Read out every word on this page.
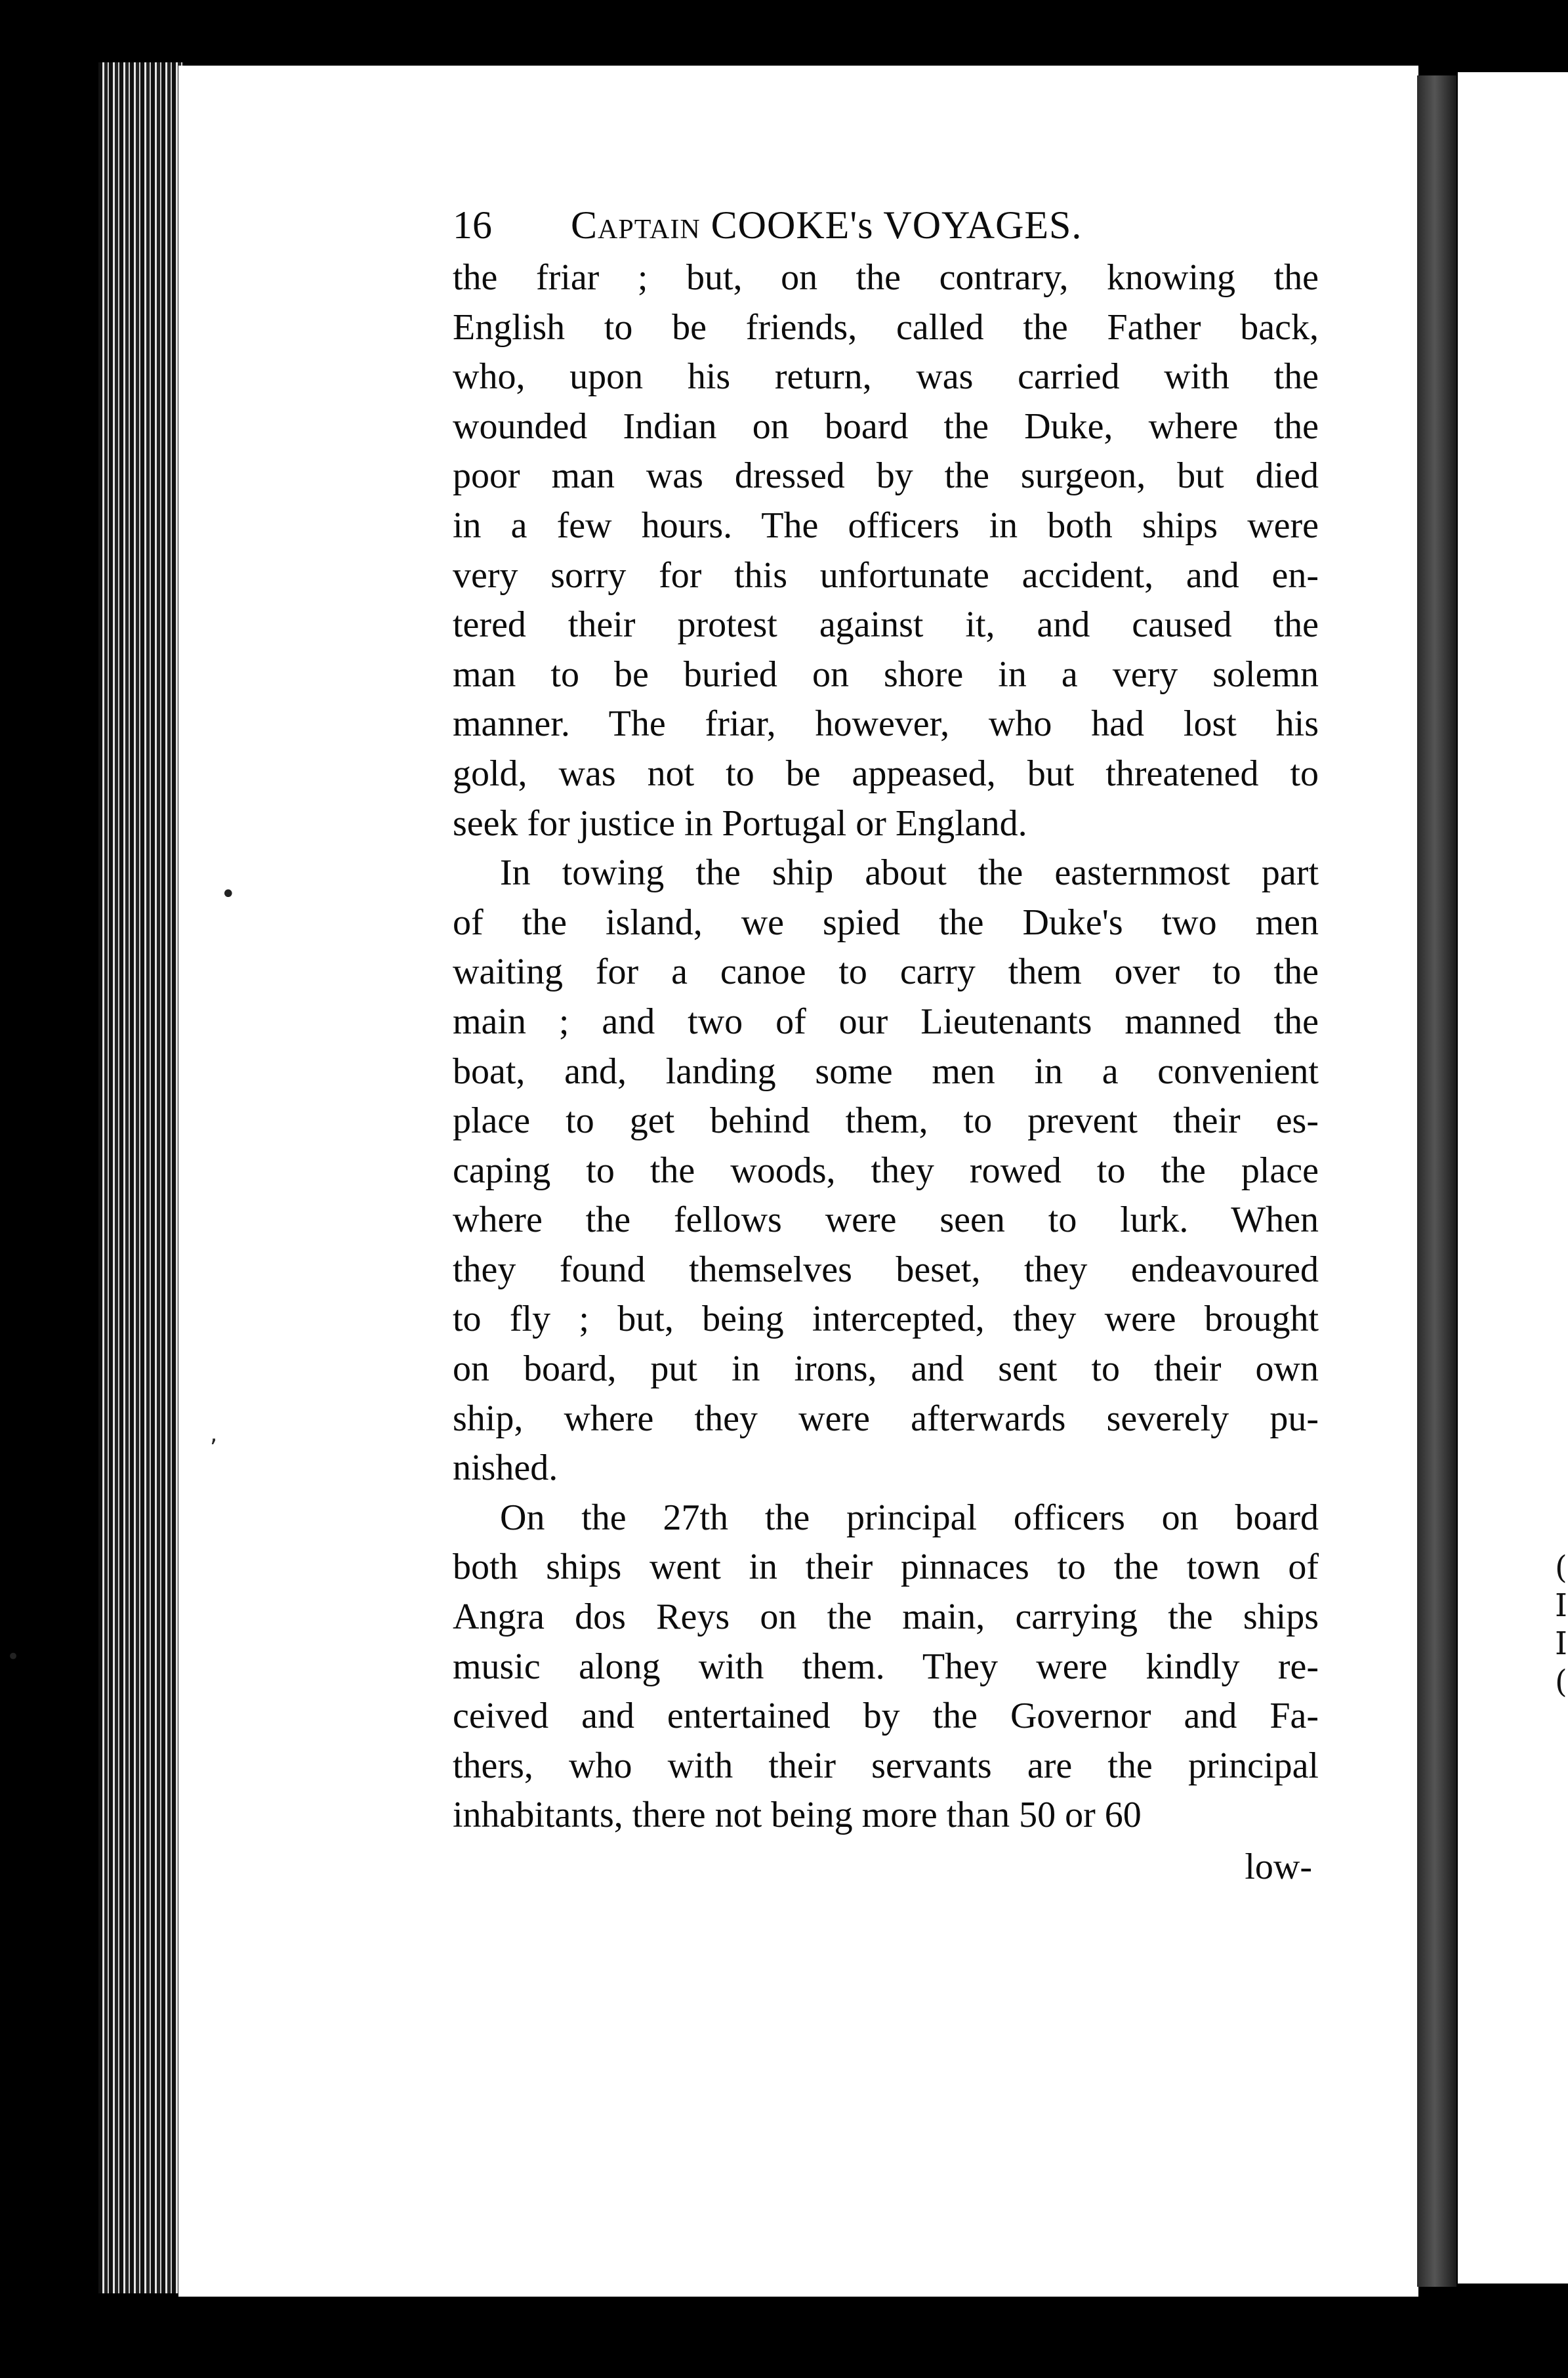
(
I
I
(
•
,
•
16 Captain COOKE's VOYAGES.
the friar ; but, on the contrary, knowing the
English to be friends, called the Father back,
who, upon his return, was carried with the
wounded Indian on board the Duke, where the
poor man was dressed by the surgeon, but died
in a few hours. The officers in both ships were
very sorry for this unfortunate accident, and en-
tered their protest against it, and caused the
man to be buried on shore in a very solemn
manner. The friar, however, who had lost his
gold, was not to be appeased, but threatened to
seek for justice in Portugal or England.
In towing the ship about the easternmost part
of the island, we spied the Duke's two men
waiting for a canoe to carry them over to the
main ; and two of our Lieutenants manned the
boat, and, landing some men in a convenient
place to get behind them, to prevent their es-
caping to the woods, they rowed to the place
where the fellows were seen to lurk. When
they found themselves beset, they endeavoured
to fly ; but, being intercepted, they were brought
on board, put in irons, and sent to their own
ship, where they were afterwards severely pu-
nished.
On the 27th the principal officers on board
both ships went in their pinnaces to the town of
Angra dos Reys on the main, carrying the ships
music along with them. They were kindly re-
ceived and entertained by the Governor and Fa-
thers, who with their servants are the principal
inhabitants, there not being more than 50 or 60
low-
